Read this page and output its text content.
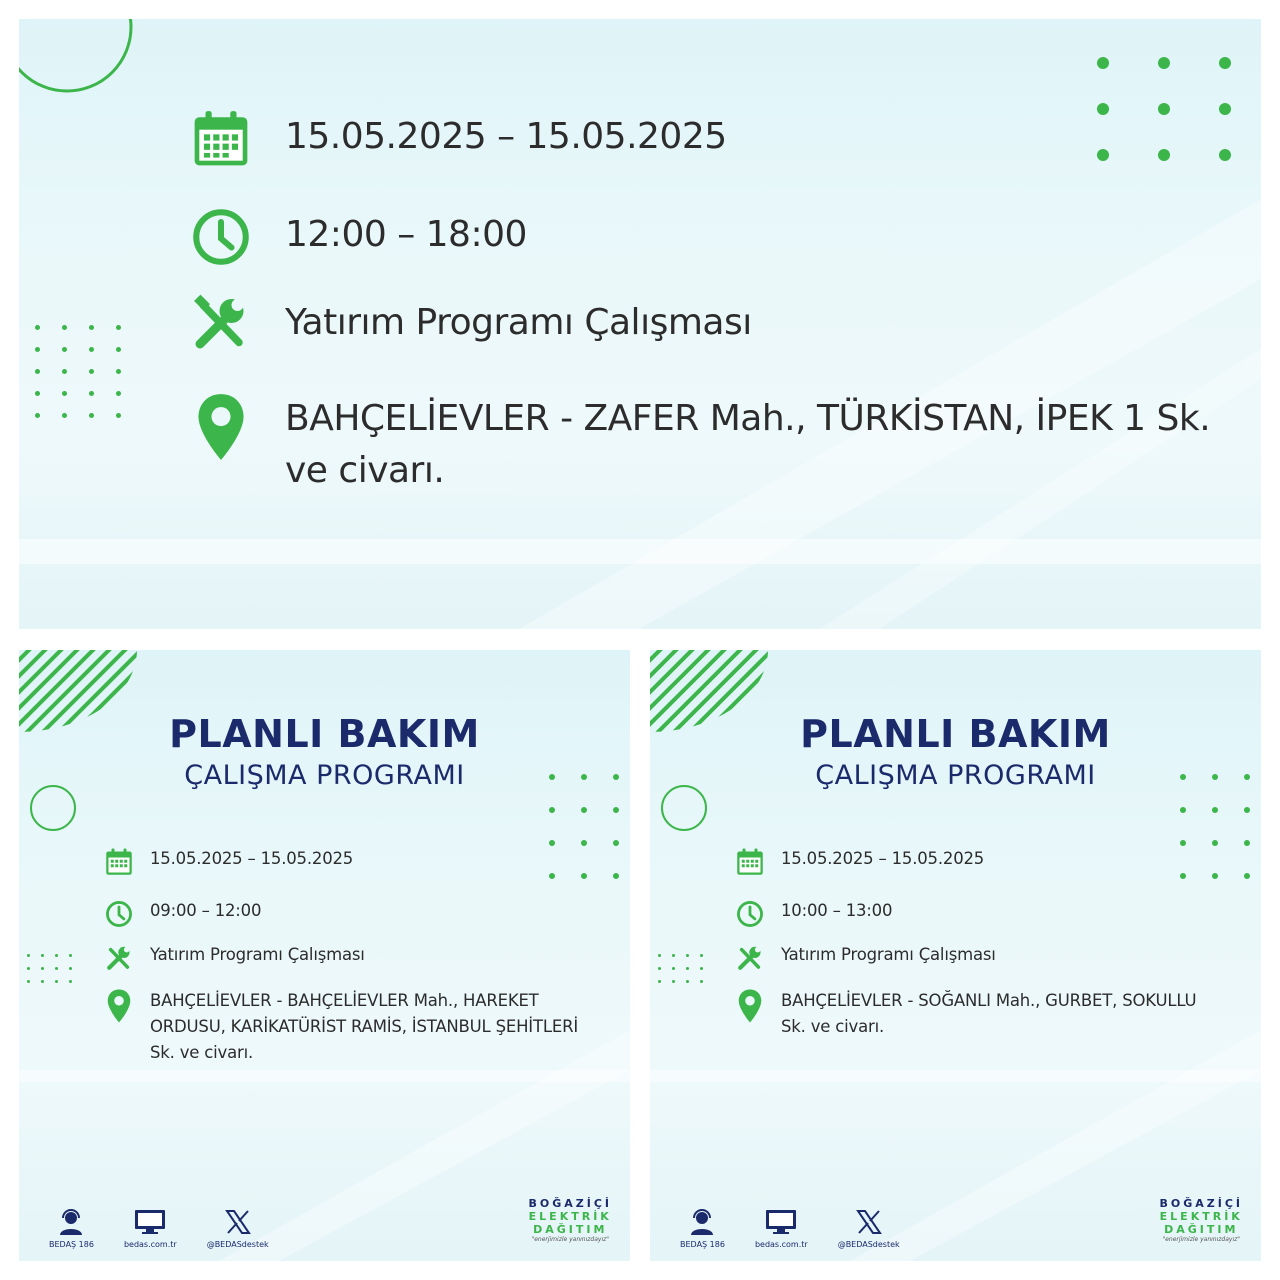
15.05.2025 – 15.05.2025
12:00 – 18:00
Yatırım Programı Çalışması
BAHÇELİEVLER - ZAFER Mah., TÜRKİSTAN, İPEK 1 Sk.
ve civarı.
PLANLI BAKIM
ÇALIŞMA PROGRAMI
15.05.2025 – 15.05.2025
09:00 – 12:00
Yatırım Programı Çalışması
BAHÇELİEVLER - BAHÇELİEVLER Mah., HAREKET
ORDUSU, KARİKATÜRİST RAMİS, İSTANBUL ŞEHİTLERİ
Sk. ve civarı.
BEDAŞ 186	bedas.com.tr	@BEDASdestek
BOĞAZİÇİ
ELEKTRİK
DAĞITIM
"enerjimizle yanınızdayız"
PLANLI BAKIM
ÇALIŞMA PROGRAMI
15.05.2025 – 15.05.2025
10:00 – 13:00
Yatırım Programı Çalışması
BAHÇELİEVLER - SOĞANLI Mah., GURBET, SOKULLU
Sk. ve civarı.
BEDAŞ 186	bedas.com.tr	@BEDASdestek
BOĞAZİÇİ
ELEKTRİK
DAĞITIM
"enerjimizle yanınızdayız"
